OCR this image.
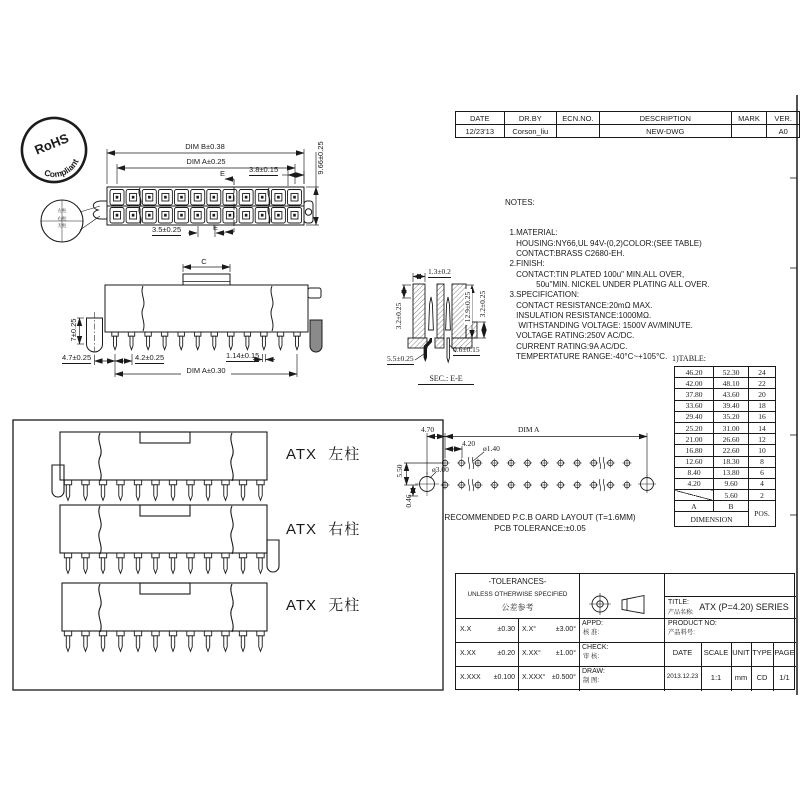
RoHS
Compliant
DIM B±0.38
DIM A±0.25
3.8±0.15	9.66±0.25
3.5±0.25
E
E
左柱
右柱
无柱
C
7±0.25
4.7±0.25	4.2±0.25	1.14±0.15
DIM A±0.30
1.3±0.2
3.2±0.25	12.9±0.25 3.2±0.25
0.6±0.15
5.5±0.25
SEC.: E-E
4.70	DIM A
4.20
ø1.40
ø3.00
5.50
0.46
RECOMMENDED P.C.B OARD LAYOUT (T=1.6MM)
PCB TOLERANCE:±0.05
ATX 左柱
ATX 右柱
ATX 无柱

NOTES:

1.MATERIAL:
HOUSING:NY66,UL 94V-(0,2)COLOR:(SEE TABLE)
CONTACT:BRASS C2680-EH.
2.FINISH:
CONTACT:TIN PLATED 100u" MIN.ALL OVER,
50u''MIN. NICKEL UNDER PLATING ALL OVER.
3.SPECIFICATION:
CONTACT RESISTANCE:20mΩ MAX.
INSULATION RESISTANCE:1000MΩ.
WITHSTANDING VOLTAGE: 1500V AV/MINUTE.
VOLTAGE RATING:250V AC/DC.
CURRENT RATING:9A AC/DC.
TEMPERTATURE RANGE:-40°C~+105°C.

DATE	DR.BY	ECN.NO.	DESCRIPTION	MARK	VER.
12/23'13	Corson_liu		NEW-DWG		A0
1)TABLE:
46.20	52.30	24
42.00	48.10	22
37.80	43.60	20
33.60	39.40	18
29.40	35.20	16
25.20	31.00	14
21.00	26.60	12
16.80	22.60	10
12.60	18.30	8
8.40	13.80	6
4.20	9.60	4
	5.60	2
A	B	POS.
DIMENSION		
-TOLERANCES-
UNLESS OTHERWISE SPECIFIED
公差参考
X.X	±0.30 X.X°	±3.00°
X.XX	±0.20 X.XX°	±1.00°
X.XXX	±0.100 X.XXX° ±0.500°
APPD:
核 准:
CHECK:
审 核:
DRAW:
制 图:
TITLE:	ATX (P=4.20) SERIES
产品名称:
PRODUCT NO:
产品料号:
DATE	SCALE UNIT TYPE PAGE
2013.12.23	1:1	mm	CD	1/1
